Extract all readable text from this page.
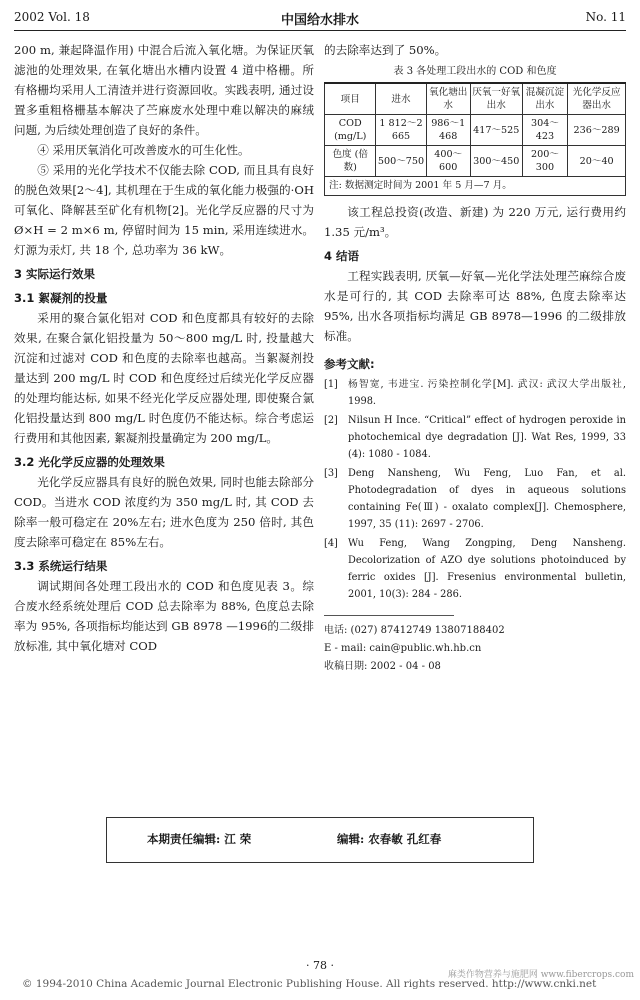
2002 Vol. 18	中国给水排水	No. 11

200 m, 兼起降温作用) 中混合后流入氧化塘。为保证厌氧滤池的处理效果, 在氧化塘出水槽内设置 4 道中格栅。所有格栅均采用人工清渣并进行资源回收。实践表明, 通过设置多重粗格栅基本解决了苎麻废水处理中难以解决的麻绒问题, 为后续处理创造了良好的条件。

④ 采用厌氧消化可改善废水的可生化性。

⑤ 采用的光化学技术不仅能去除 COD, 而且具有良好的脱色效果[2～4], 其机理在于生成的氧化能力极强的·OH 可氧化、降解甚至矿化有机物[2]。光化学反应器的尺寸为 Ø×H = 2 m×6 m, 停留时间为 15 min, 采用连续进水。灯源为汞灯, 共 18 个, 总功率为 36 kW。

3 实际运行效果
3.1 絮凝剂的投量

采用的聚合氯化铝对 COD 和色度都具有较好的去除效果, 在聚合氯化铝投量为 50～800 mg/L 时, 投量越大沉淀和过滤对 COD 和色度的去除率也越高。当絮凝剂投量达到 200 mg/L 时 COD 和色度经过后续光化学反应器的处理均能达标, 如果不经光化学反应器处理, 即使聚合氯化铝投量达到 800 mg/L 时色度仍不能达标。综合考虑运行费用和其他因素, 絮凝剂投量确定为 200 mg/L。

3.2 光化学反应器的处理效果

光化学反应器具有良好的脱色效果, 同时也能去除部分 COD。当进水 COD 浓度约为 350 mg/L 时, 其 COD 去除率一般可稳定在 20%左右; 进水色度为 250 倍时, 其色度去除率可稳定在 85%左右。

3.3 系统运行结果

调试期间各处理工段出水的 COD 和色度见表 3。综合废水经系统处理后 COD 总去除率为 88%, 色度总去除率为 95%, 各项指标均能达到 GB 8978 —1996的二级排放标准, 其中氧化塘对 COD

的去除率达到了 50%。

表 3 各处理工段出水的 COD 和色度
项目	进水	氧化塘出水	厌氧一好氧出水	混凝沉淀出水	光化学反应器出水
COD (mg/L)	1 812～2 665	986～1 468	417～525	304～423	236～289
色度 (倍数)	500～750	400～600	300～450	200～300	20～40
注: 数据测定时间为 2001 年 5 月—7 月。

该工程总投资(改造、新建) 为 220 万元, 运行费用约 1.35 元/m³。

4 结语

工程实践表明, 厌氧—好氧—光化学法处理苎麻综合废水是可行的, 其 COD 去除率可达 88%, 色度去除率达 95%, 出水各项指标均满足 GB 8978—1996 的二级排放标准。

参考文献:
[1]	杨智宽, 韦进宝. 污染控制化学[M]. 武汉: 武汉大学出版社, 1998.
[2]	Nilsun H Ince. “Critical” effect of hydrogen peroxide in photochemical dye degradation [J]. Wat Res, 1999, 33 (4): 1080 - 1084.
[3]	Deng Nansheng, Wu Feng, Luo Fan, et al. Photodegradation of dyes in aqueous solutions containing Fe(Ⅲ) - oxalato complex[J]. Chemosphere, 1997, 35 (11): 2697 - 2706.
[4]	Wu Feng, Wang Zongping, Deng Nansheng. Decolorization of AZO dye solutions photoinduced by ferric oxides [J]. Fresenius environmental bulletin, 2001, 10(3): 284 - 286.
电话: (027) 87412749 13807188402
E - mail: cain@public.wh.hb.cn
收稿日期: 2002 - 04 - 08
本期责任编辑: 江 荣	编辑: 农春敏 孔红春
· 78 ·
© 1994-2010 China Academic Journal Electronic Publishing House. All rights reserved. http://www.cnki.net
麻类作物营养与施肥网 www.fibercrops.com
